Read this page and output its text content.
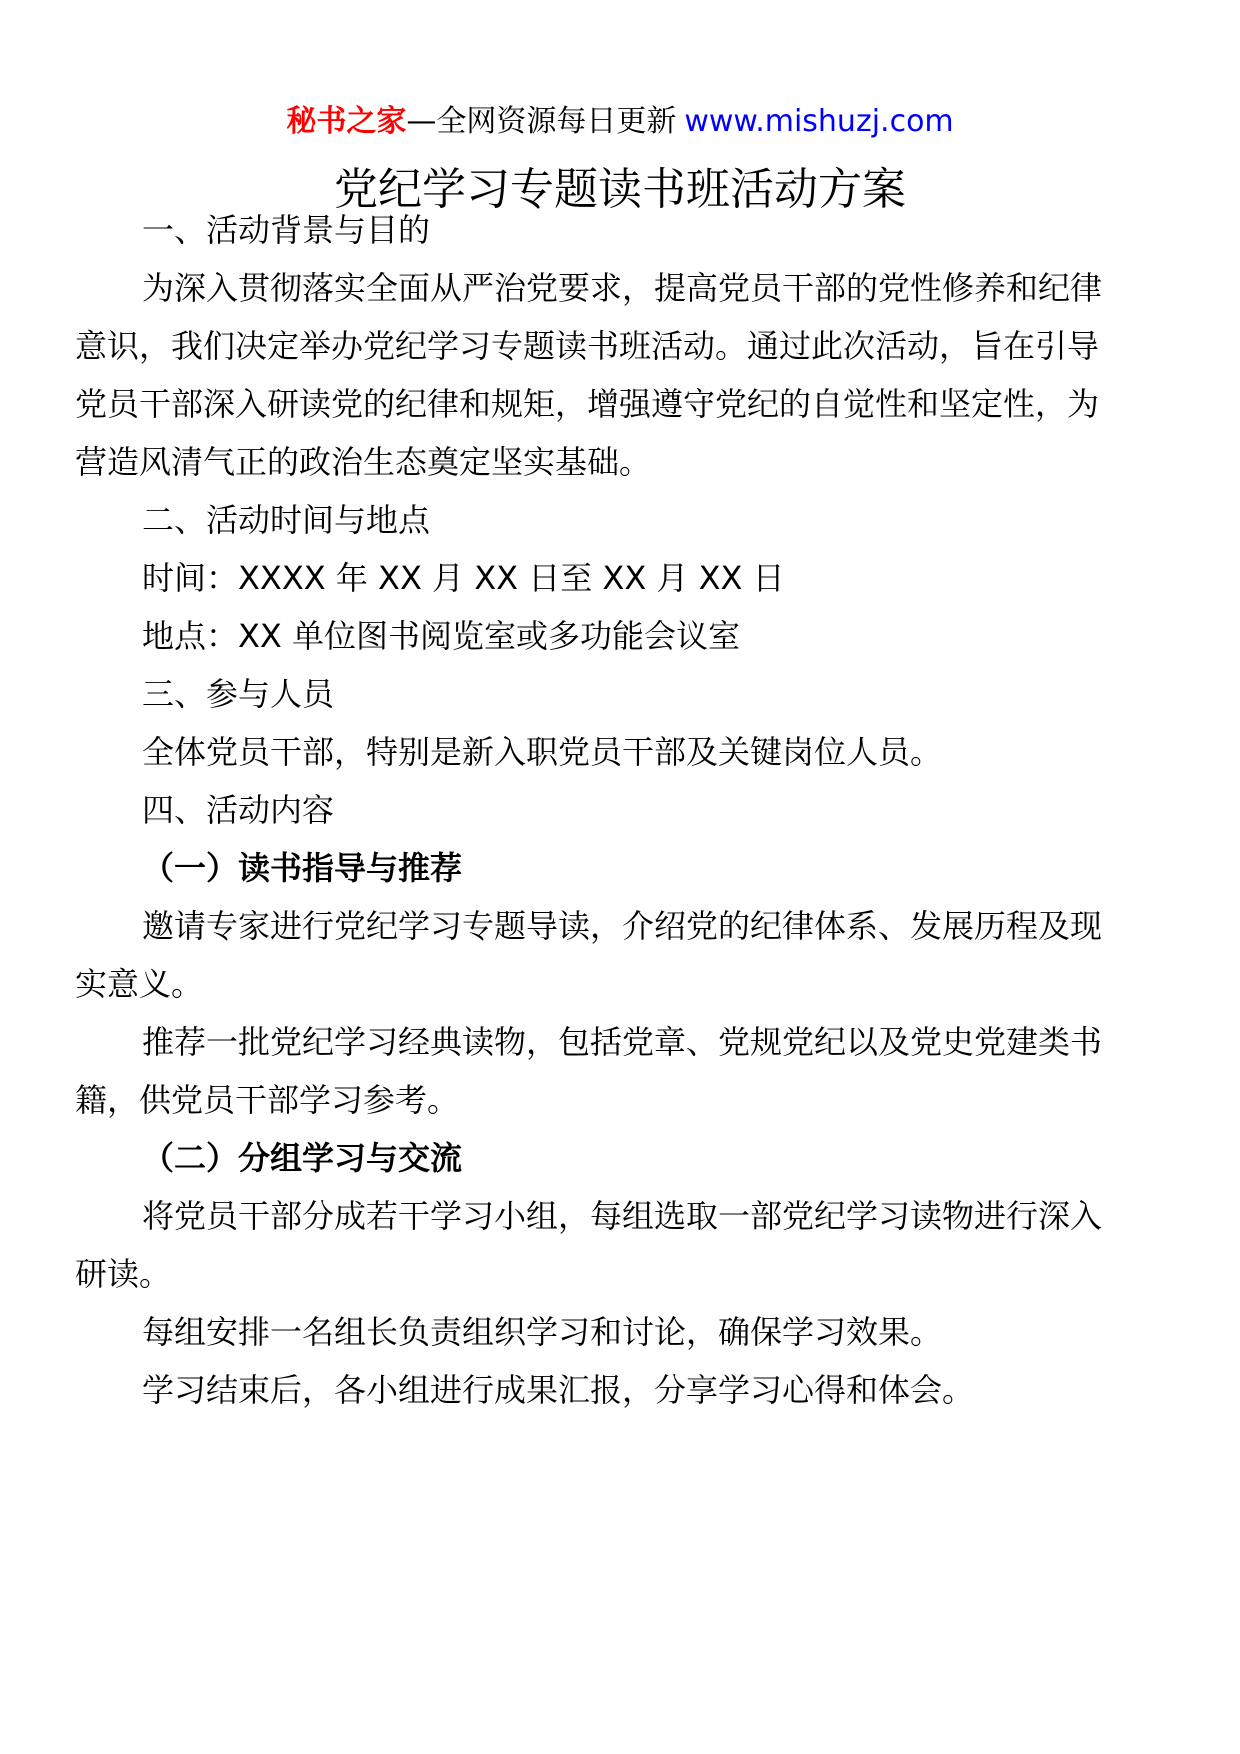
秘书之家—全网资源每日更新 www.mishuzj.com
党纪学习专题读书班活动方案
一、活动背景与目的
为深入贯彻落实全面从严治党要求，提高党员干部的党性修养和纪律
意识，我们决定举办党纪学习专题读书班活动。通过此次活动，旨在引导
党员干部深入研读党的纪律和规矩，增强遵守党纪的自觉性和坚定性，为
营造风清气正的政治生态奠定坚实基础。
二、活动时间与地点
时间：XXXX 年 XX 月 XX 日至 XX 月 XX 日
地点：XX 单位图书阅览室或多功能会议室
三、参与人员
全体党员干部，特别是新入职党员干部及关键岗位人员。
四、活动内容
（一）读书指导与推荐
邀请专家进行党纪学习专题导读，介绍党的纪律体系、发展历程及现
实意义。
推荐一批党纪学习经典读物，包括党章、党规党纪以及党史党建类书
籍，供党员干部学习参考。
（二）分组学习与交流
将党员干部分成若干学习小组，每组选取一部党纪学习读物进行深入
研读。
每组安排一名组长负责组织学习和讨论，确保学习效果。
学习结束后，各小组进行成果汇报，分享学习心得和体会。
